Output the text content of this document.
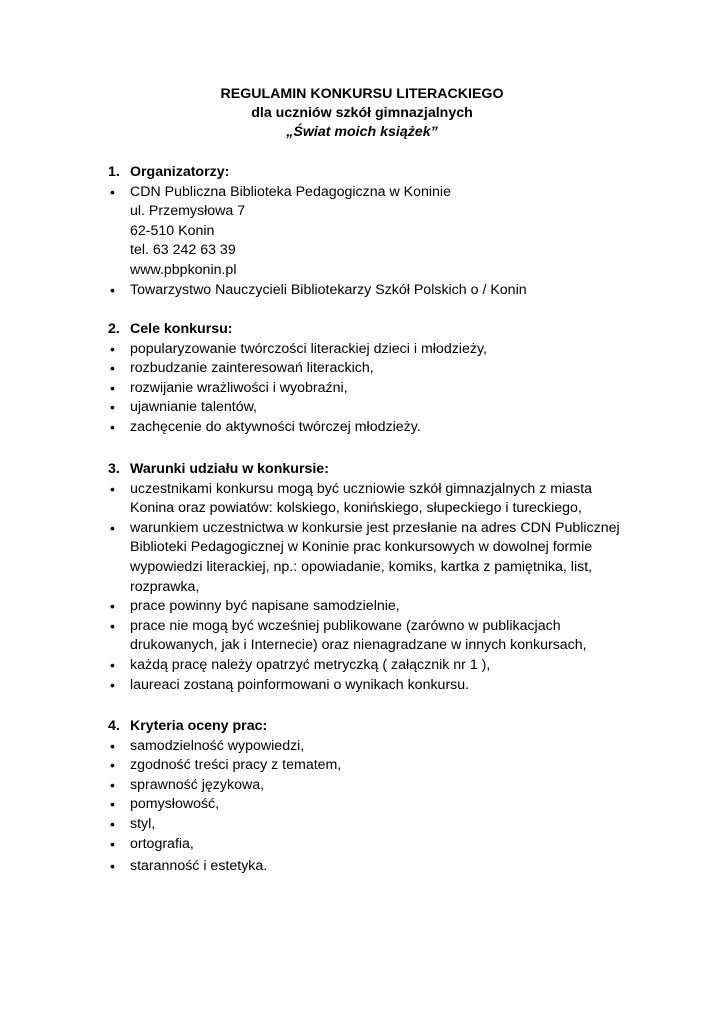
REGULAMIN KONKURSU LITERACKIEGO
dla uczniów szkół gimnazjalnych
„Świat moich książek”
1. Organizatorzy:
•	CDN Publiczna Biblioteka Pedagogiczna w Koninie
ul. Przemysłowa 7
62-510 Konin
tel. 63 242 63 39
www.pbpkonin.pl
•	Towarzystwo Nauczycieli Bibliotekarzy Szkół Polskich o / Konin
2. Cele konkursu:
•	popularyzowanie twórczości literackiej dzieci i młodzieży,
•	rozbudzanie zainteresowań literackich,
•	rozwijanie wrażliwości i wyobraźni,
•	ujawnianie talentów,
•	zachęcenie do aktywności twórczej młodzieży.
3. Warunki udziału w konkursie:
•	uczestnikami konkursu mogą być uczniowie szkół gimnazjalnych z miasta
Konina oraz powiatów: kolskiego, konińskiego, słupeckiego i tureckiego,
•	warunkiem uczestnictwa w konkursie jest przesłanie na adres CDN Publicznej
Biblioteki Pedagogicznej w Koninie prac konkursowych w dowolnej formie
wypowiedzi literackiej, np.: opowiadanie, komiks, kartka z pamiętnika, list,
rozprawka,
•	prace powinny być napisane samodzielnie,
•	prace nie mogą być wcześniej publikowane (zarówno w publikacjach
drukowanych, jak i Internecie) oraz nienagradzane w innych konkursach,
•	każdą pracę należy opatrzyć metryczką ( załącznik nr 1 ),
•	laureaci zostaną poinformowani o wynikach konkursu.
4. Kryteria oceny prac:
•	samodzielność wypowiedzi,
•	zgodność treści pracy z tematem,
•	sprawność językowa,
•	pomysłowość,
•	styl,
•	ortografia,
•	staranność i estetyka.
